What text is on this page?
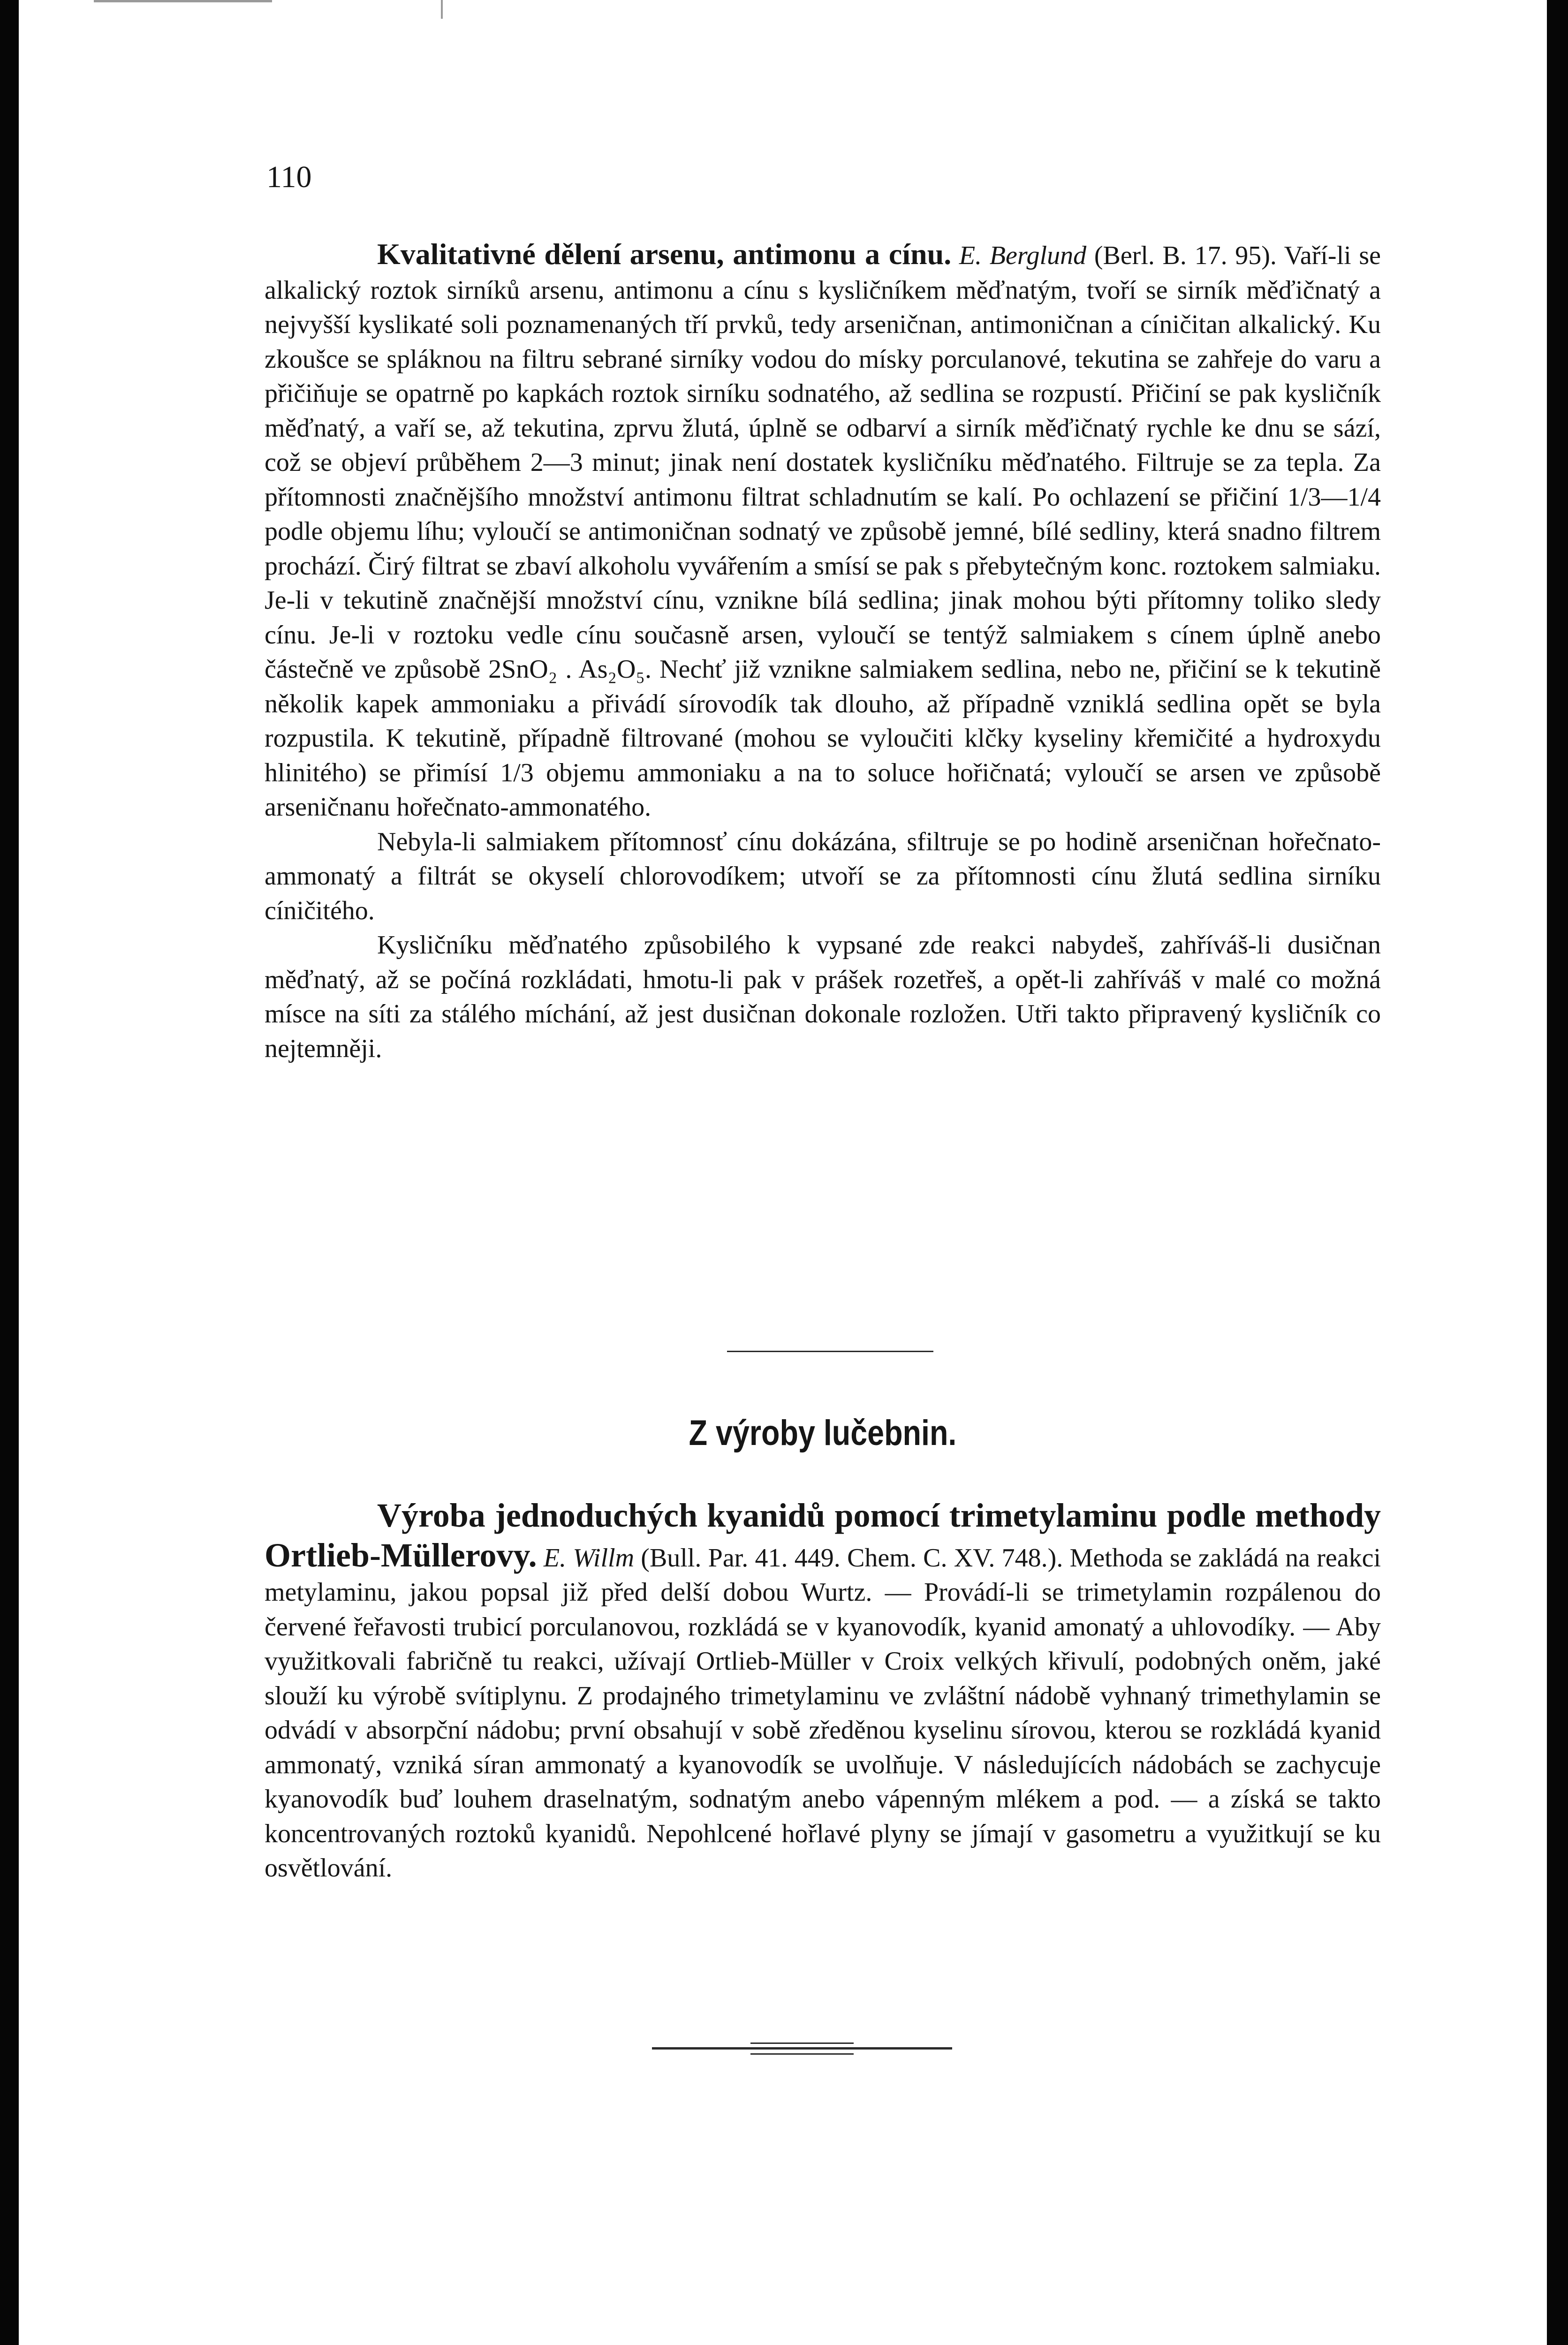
110

Kvalitativné dělení arsenu, antimonu a cínu. E. Berglund (Berl. B. 17. 95). Vaří-li se alkalický roztok sirníků arsenu, antimonu a cínu s kysličníkem měďnatým, tvoří se sirník měďičnatý a nejvyšší kyslikaté soli poznamenaných tří prvků, tedy arseničnan, antimoničnan a cíničitan alkalický. Ku zkoušce se spláknou na filtru sebrané sirníky vodou do mísky porculanové, tekutina se zahřeje do varu a přičiňuje se opatrně po kapkách roztok sirníku sodnatého, až sedlina se rozpustí. Přičiní se pak kysličník měďnatý, a vaří se, až tekutina, zprvu žlutá, úplně se odbarví a sirník měďičnatý rychle ke dnu se sází, což se objeví průběhem 2—3 minut; jinak není dostatek kysličníku měďnatého. Filtruje se za tepla. Za přítomnosti značnějšího množství antimonu filtrat schladnutím se kalí. Po ochlazení se přičiní 1/3—1/4 podle objemu líhu; vyloučí se antimoničnan sodnatý ve způsobě jemné, bílé sedliny, která snadno filtrem prochází. Čirý filtrat se zbaví alkoholu vyvářením a smísí se pak s přebytečným konc. roztokem salmiaku. Je-li v tekutině značnější množství cínu, vznikne bílá sedlina; jinak mohou býti přítomny toliko sledy cínu. Je-li v roztoku vedle cínu současně arsen, vyloučí se tentýž salmiakem s cínem úplně anebo částečně ve způsobě 2SnO₂ . As₂O₅. Nechť již vznikne salmiakem sedlina, nebo ne, přičiní se k tekutině několik kapek ammoniaku a přivádí sírovodík tak dlouho, až případně vzniklá sedlina opět se byla rozpustila. K tekutině, případně filtrované (mohou se vyloučiti klčky kyseliny křemičité a hydroxydu hlinitého) se přimísí 1/3 objemu ammoniaku a na to soluce hořičnatá; vyloučí se arsen ve způsobě arseničnanu hořečnato-ammonatého.

Nebyla-li salmiakem přítomnosť cínu dokázána, sfiltruje se po hodině arseničnan hořečnato-ammonatý a filtrát se okyselí chlorovodíkem; utvoří se za přítomnosti cínu žlutá sedlina sirníku cíničitého.

Kysličníku měďnatého způsobilého k vypsané zde reakci nabydeš, zahříváš-li dusičnan měďnatý, až se počíná rozkládati, hmotu-li pak v prášek rozetřeš, a opět-li zahříváš v malé co možná mísce na síti za stálého míchání, až jest dusičnan dokonale rozložen. Utři takto připravený kysličník co nejtemněji.

Z výroby lučebnin.

Výroba jednoduchých kyanidů pomocí trimetylaminu podle methody Ortlieb-Müllerovy. E. Willm (Bull. Par. 41. 449. Chem. C. XV. 748.). Methoda se zakládá na reakci metylaminu, jakou popsal již před delší dobou Wurtz. — Provádí-li se trimetylamin rozpálenou do červené řeřavosti trubicí porculanovou, rozkládá se v kyanovodík, kyanid amonatý a uhlovodíky. — Aby využitkovali fabričně tu reakci, užívají Ortlieb-Müller v Croix velkých křivulí, podobných oněm, jaké slouží ku výrobě svítiplynu. Z prodajného trimetylaminu ve zvláštní nádobě vyhnaný trimethylamin se odvádí v absorpční nádobu; první obsahují v sobě zředěnou kyselinu sírovou, kterou se rozkládá kyanid ammonatý, vzniká síran ammonatý a kyanovodík se uvolňuje. V následujících nádobách se zachycuje kyanovodík buď louhem draselnatým, sodnatým anebo vápenným mlékem a pod. — a získá se takto koncentrovaných roztoků kyanidů. Nepohlcené hořlavé plyny se jímají v gasometru a využitkují se ku osvětlování.
